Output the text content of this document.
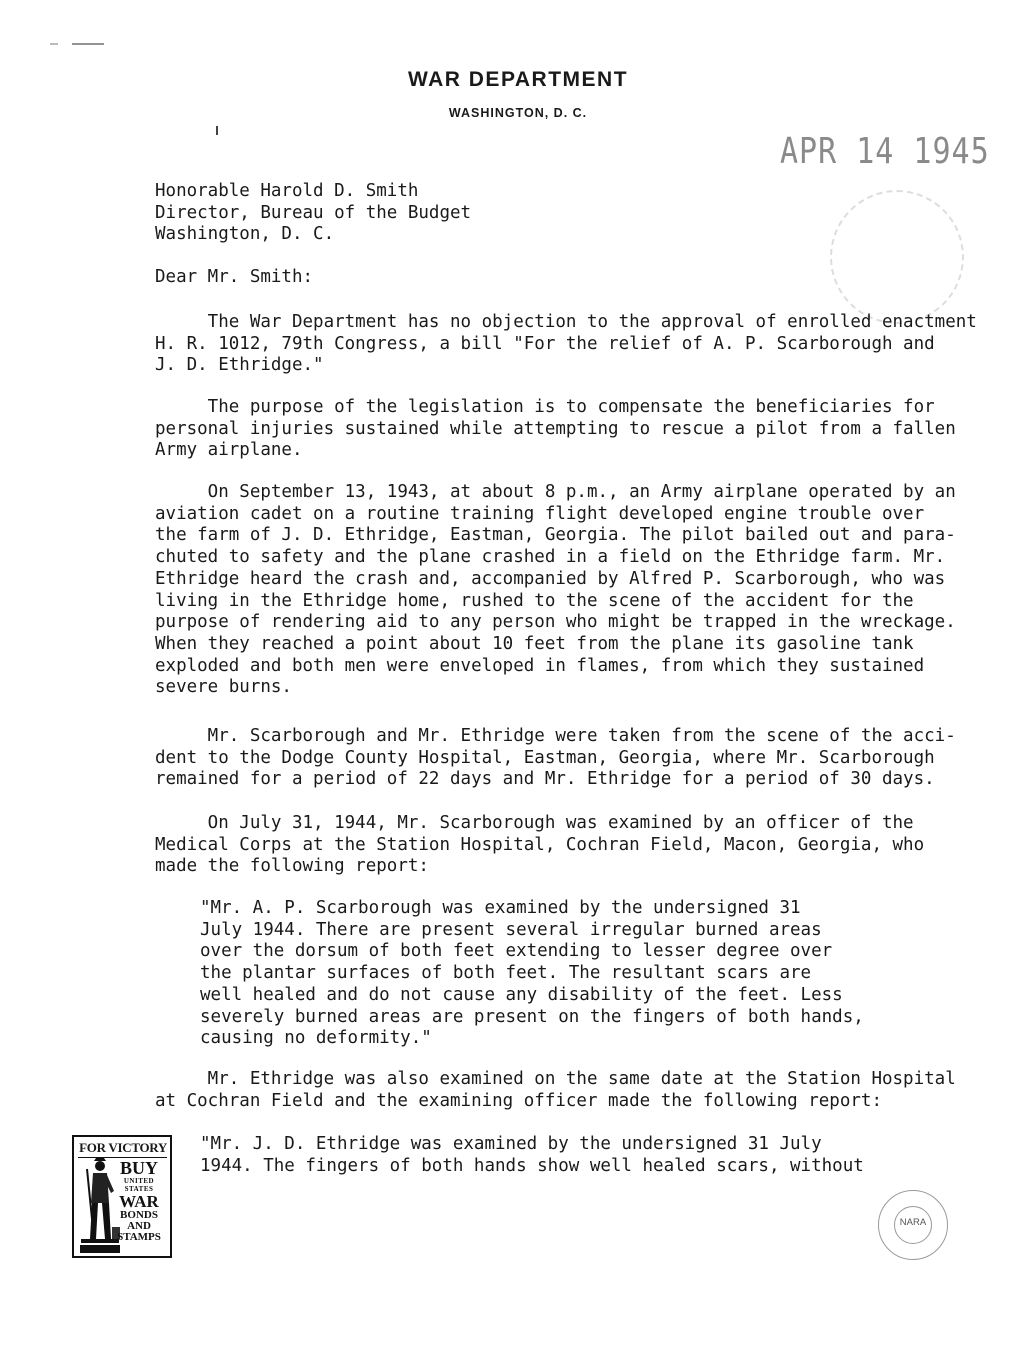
WAR DEPARTMENT
WASHINGTON, D. C.
APR 14 1945

Honorable Harold D. Smith
Director, Bureau of the Budget
Washington, D. C.

Dear Mr. Smith:

The War Department has no objection to the approval of enrolled enactment
H. R. 1012, 79th Congress, a bill "For the relief of A. P. Scarborough and
J. D. Ethridge."

The purpose of the legislation is to compensate the beneficiaries for
personal injuries sustained while attempting to rescue a pilot from a fallen
Army airplane.

On September 13, 1943, at about 8 p.m., an Army airplane operated by an
aviation cadet on a routine training flight developed engine trouble over
the farm of J. D. Ethridge, Eastman, Georgia. The pilot bailed out and para-
chuted to safety and the plane crashed in a field on the Ethridge farm. Mr.
Ethridge heard the crash and, accompanied by Alfred P. Scarborough, who was
living in the Ethridge home, rushed to the scene of the accident for the
purpose of rendering aid to any person who might be trapped in the wreckage.
When they reached a point about 10 feet from the plane its gasoline tank
exploded and both men were enveloped in flames, from which they sustained
severe burns.

Mr. Scarborough and Mr. Ethridge were taken from the scene of the acci-
dent to the Dodge County Hospital, Eastman, Georgia, where Mr. Scarborough
remained for a period of 22 days and Mr. Ethridge for a period of 30 days.

On July 31, 1944, Mr. Scarborough was examined by an officer of the
Medical Corps at the Station Hospital, Cochran Field, Macon, Georgia, who
made the following report:

"Mr. A. P. Scarborough was examined by the undersigned 31
July 1944. There are present several irregular burned areas
over the dorsum of both feet extending to lesser degree over
the plantar surfaces of both feet. The resultant scars are
well healed and do not cause any disability of the feet. Less
severely burned areas are present on the fingers of both hands,
causing no deformity."

Mr. Ethridge was also examined on the same date at the Station Hospital
at Cochran Field and the examining officer made the following report:

"Mr. J. D. Ethridge was examined by the undersigned 31 July
1944. The fingers of both hands show well healed scars, without

FOR VICTORY
BUY
UNITED
STATES
WAR
BONDS
AND
STAMPS
NARA
